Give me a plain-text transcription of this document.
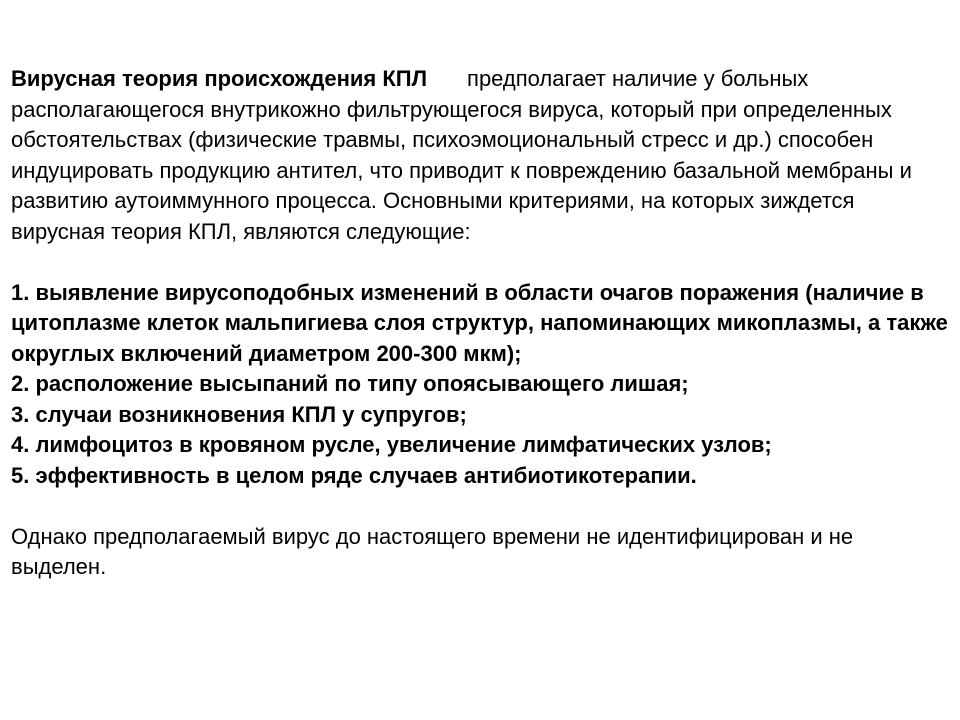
Вирусная теория происхождения КПЛ предполагает наличие у больных располагающегося внутрикожно фильтрующегося вируса, который при определенных обстоятельствах (физические травмы, психоэмоциональный стресс и др.) способен индуцировать продукцию антител, что приводит к повреждению базальной мембраны и развитию аутоиммунного процесса. Основными критериями, на которых зиждется вирусная теория КПЛ, являются следующие:

1. выявление вирусоподобных изменений в области очагов поражения (наличие в цитоплазме клеток мальпигиева слоя структур, напоминающих микоплазмы, а также округлых включений диаметром 200-300 мкм);
2. расположение высыпаний по типу опоясывающего лишая;
3. случаи возникновения КПЛ у супругов;
4. лимфоцитоз в кровяном русле, увеличение лимфатических узлов;
5. эффективность в целом ряде случаев антибиотикотерапии.

Однако предполагаемый вирус до настоящего времени не идентифицирован и не выделен.
